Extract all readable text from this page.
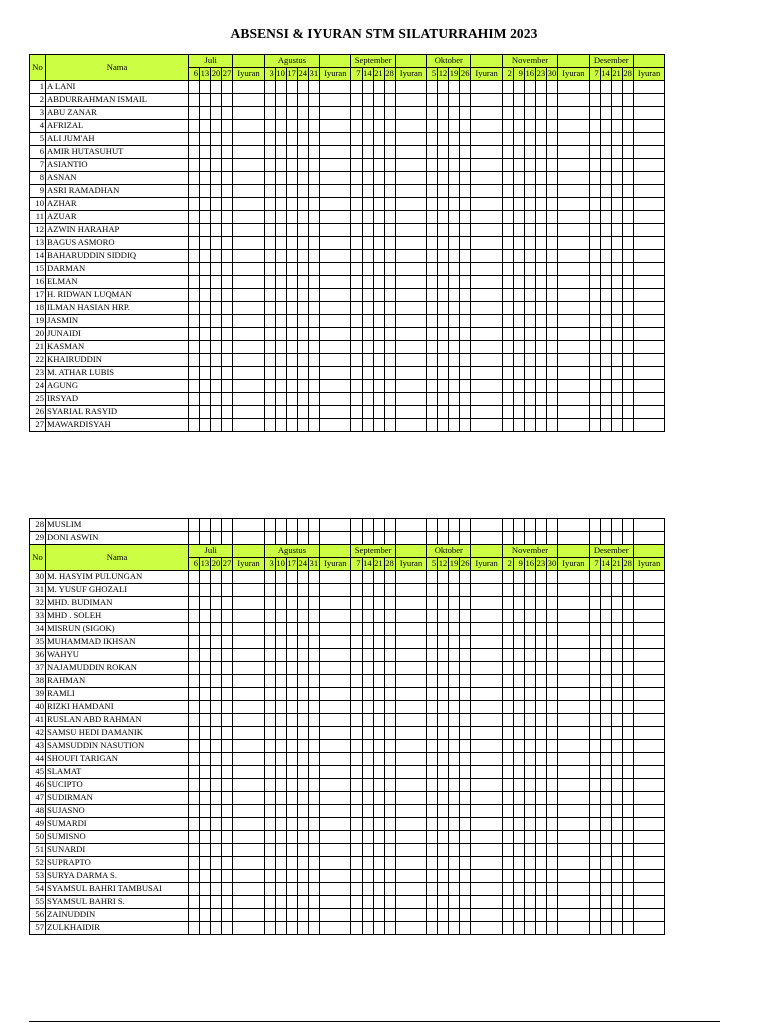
ABSENSI & IYURAN STM SILATURRAHIM 2023
No	Nama	Juli					Agustus						September					Oktober					November						Desember				
		6	13	20	27	Iyuran	3	10	17	24	31	Iyuran	7	14	21	28	Iyuran	5	12	19	26	Iyuran	2	9	16	23	30	Iyuran	7	14	21	28	Iyuran
1	A LANI																																
2	ABDURRAHMAN ISMAIL																																
3	ABU ZANAR																																
4	AFRIZAL																																
5	ALI JUM'AH																																
6	AMIR HUTASUHUT																																
7	ASIANTIO																																
8	ASNAN																																
9	ASRI RAMADHAN																																
10	AZHAR																																
11	AZUAR																																
12	AZWIN HARAHAP																																
13	BAGUS ASMORO																																
14	BAHARUDDIN SIDDIQ																																
15	DARMAN																																
16	ELMAN																																
17	H. RIDWAN LUQMAN																																
18	ILMAN HASIAN HRP.																																
19	JASMIN																																
20	JUNAIDI																																
21	KASMAN																																
22	KHAIRUDDIN																																
23	M. ATHAR LUBIS																																
24	AGUNG																																
25	IRSYAD																																
26	SYARIAL RASYID																																
27	MAWARDISYAH																																
28	MUSLIM																																
29	DONI ASWIN																																
No	Nama	Juli					Agustus						September					Oktober					November						Desember				
		6	13	20	27	Iyuran	3	10	17	24	31	Iyuran	7	14	21	28	Iyuran	5	12	19	26	Iyuran	2	9	16	23	30	Iyuran	7	14	21	28	Iyuran
30	M. HASYIM PULUNGAN																																
31	M. YUSUF GHOZALI																																
32	MHD. BUDIMAN																																
33	MHD . SOLEH																																
34	MISRUN (SIGOK)																																
35	MUHAMMAD IKHSAN																																
36	WAHYU																																
37	NAJAMUDDIN ROKAN																																
38	RAHMAN																																
39	RAMLI																																
40	RIZKI HAMDANI																																
41	RUSLAN ABD RAHMAN																																
42	SAMSU HEDI DAMANIK																																
43	SAMSUDDIN NASUTION																																
44	SHOUFI TARIGAN																																
45	SLAMAT																																
46	SUCIPTO																																
47	SUDIRMAN																																
48	SUJASNO																																
49	SUMARDI																																
50	SUMISNO																																
51	SUNARDI																																
52	SUPRAPTO																																
53	SURYA DARMA S.																																
54	SYAMSUL BAHRI TAMBUSAI																																
55	SYAMSUL BAHRI S.																																
56	ZAINUDDIN																																
57	ZULKHAIDIR																																
